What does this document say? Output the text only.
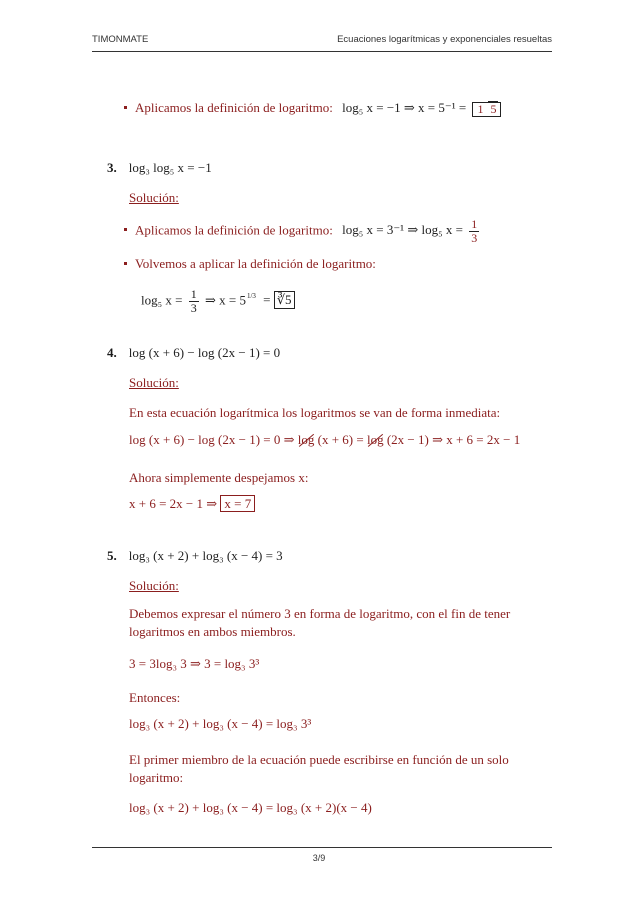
TIMONMATE	Ecuaciones logarítmicas y exponenciales resueltas
Aplicamos la definición de logaritmo: log₅ x = −1 ⇒ x = 5⁻¹ = 1 5
3. log₃ log₅ x = −1
Solución:
Aplicamos la definición de logaritmo: log₅ x = 3⁻¹ ⇒ log₅ $x = \frac{1}{3}$
Volvemos a aplicar la definición de logaritmo:
log₅ $x = \frac{1}{3}$ ⇒ $x = 5^{1/3}$ = ∛5
4. log (x + 6) − log (2x − 1) = 0
Solución:
En esta ecuación logarítmica los logaritmos se van de forma inmediata:
log (x + 6) − log (2x − 1) = 0 ⇒ log (x + 6) = log (2x − 1) ⇒ x + 6 = 2x − 1
Ahora simplemente despejamos x:
x + 6 = 2x − 1 ⇒ x = 7
5. log₃ (x + 2) + log₃ (x − 4) = 3
Solución:
Debemos expresar el número 3 en forma de logaritmo, con el fin de tener
logaritmos en ambos miembros.
3 = 3log₃ 3 ⇒ 3 = log₃ 3³
Entonces:
log₃ (x + 2) + log₃ (x − 4) = log₃ 3³
El primer miembro de la ecuación puede escribirse en función de un solo
logaritmo:
log₃ (x + 2) + log₃ (x − 4) = log₃ (x + 2)(x − 4)
3/9
